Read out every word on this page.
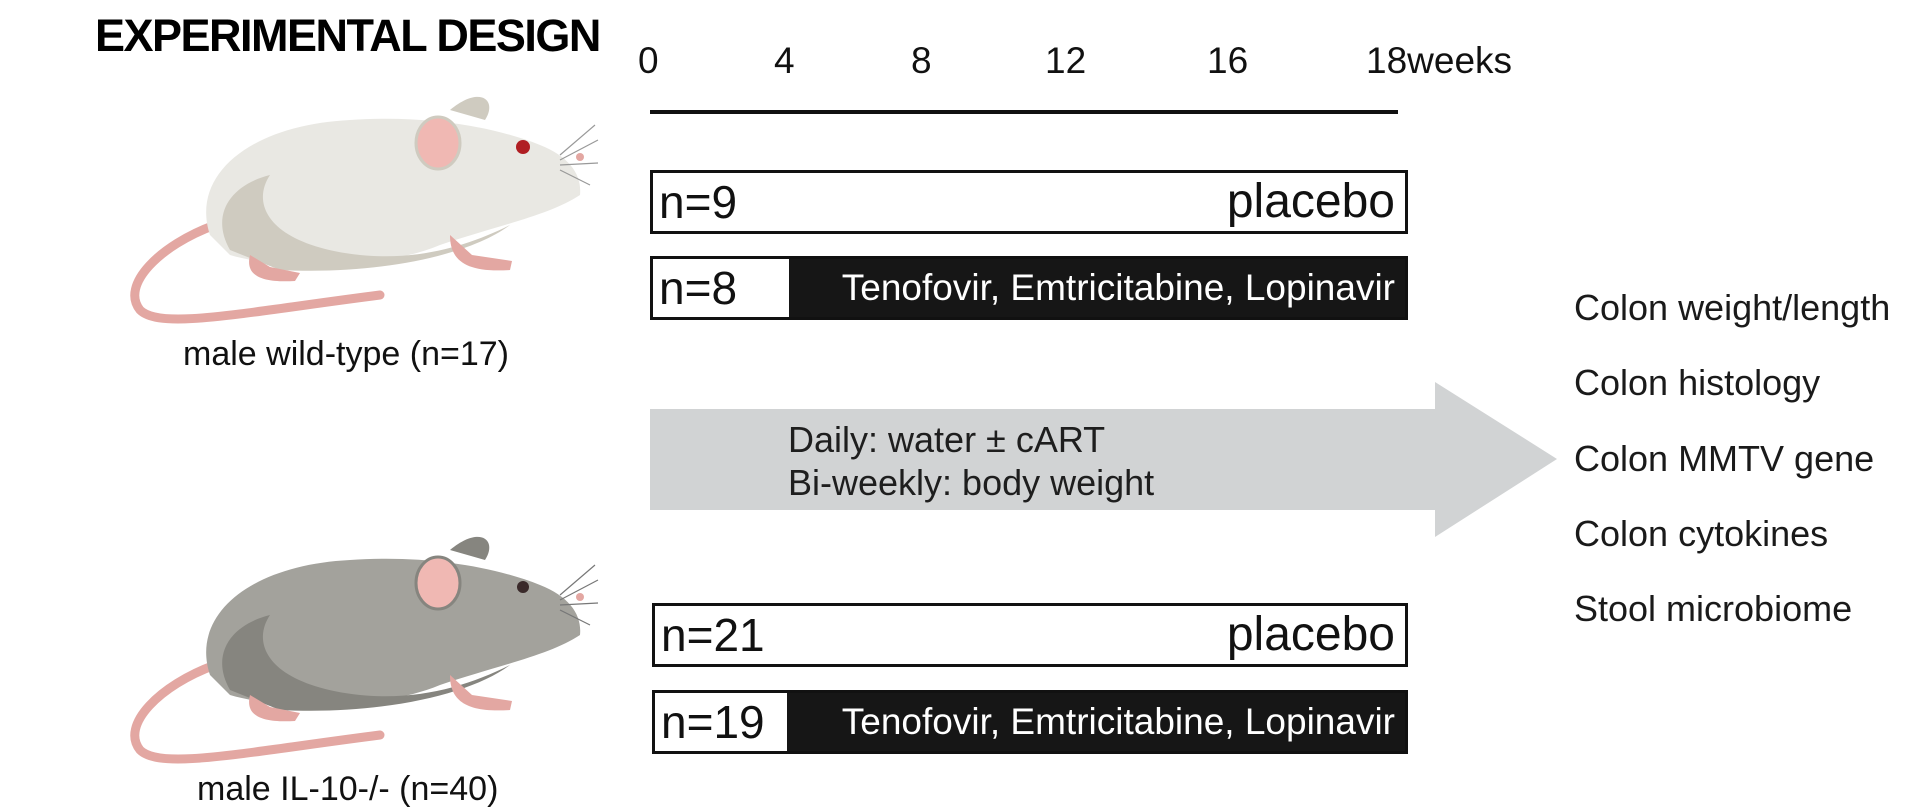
EXPERIMENTAL DESIGN 0	4	8	12	16	18weeks
male wild-type (n=17)
male IL-10-/- (n=40)
n=9	placebo
n=8	Tenofovir, Emtricitabine, Lopinavir
n=21	placebo
n=19 Tenofovir, Emtricitabine, Lopinavir
Daily: water ± cART
Bi-weekly: body weight
Colon weight/length
Colon histology
Colon MMTV gene
Colon cytokines
Stool microbiome
